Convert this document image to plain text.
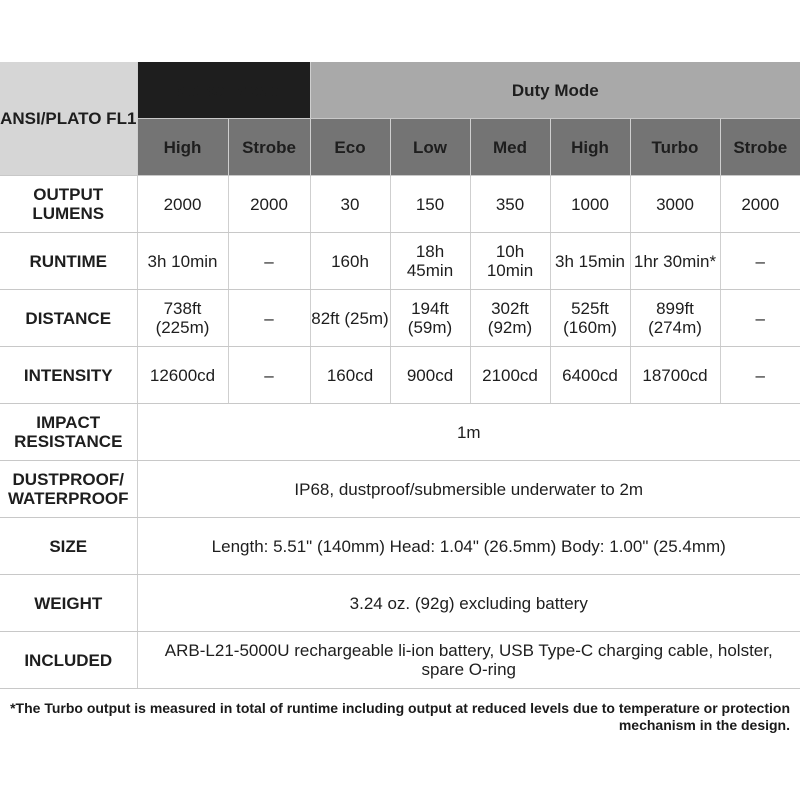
ANSI/PLATO FL1	Tactical Mode		Duty Mode					
	High	Strobe	Eco	Low	Med	High	Turbo	Strobe
OUTPUT LUMENS	2000	2000	30	150	350	1000	3000	2000
RUNTIME	3h 10min	–	160h	18h 45min	10h 10min	3h 15min	1hr 30min*	–
DISTANCE	738ft (225m)	–	82ft (25m)	194ft (59m)	302ft (92m)	525ft (160m)	899ft (274m)	–
INTENSITY	12600cd	–	160cd	900cd	2100cd	6400cd	18700cd	–
IMPACT RESISTANCE	1m							
DUSTPROOF/ WATERPROOF	IP68, dustproof/submersible underwater to 2m							
SIZE	Length: 5.51" (140mm) Head: 1.04" (26.5mm) Body: 1.00" (25.4mm)							
WEIGHT	3.24 oz. (92g) excluding battery							
INCLUDED	ARB-L21-5000U rechargeable li-ion battery, USB Type-C charging cable, holster, spare O-ring							
*The Turbo output is measured in total of runtime including output at reduced levels due to temperature or protection mechanism in the design.
